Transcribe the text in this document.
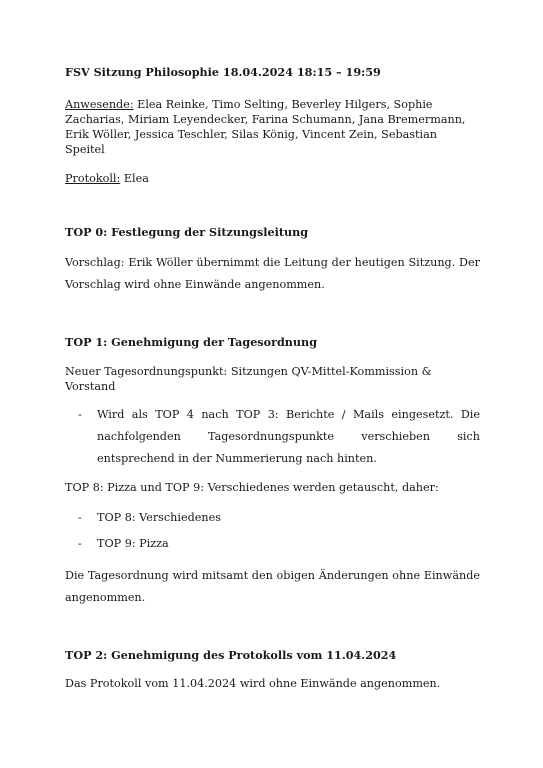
FSV Sitzung Philosophie 18.04.2024 18:15 – 19:59

Anwesende: Elea Reinke, Timo Selting, Beverley Hilgers, Sophie Zacharias, Miriam Leyendecker, Farina Schumann, Jana Bremermann, Erik Wöller, Jessica Teschler, Silas König, Vincent Zein, Sebastian Speitel

Protokoll: Elea

TOP 0: Festlegung der Sitzungsleitung

Vorschlag: Erik Wöller übernimmt die Leitung der heutigen Sitzung. Der Vorschlag wird ohne Einwände angenommen.

TOP 1: Genehmigung der Tagesordnung

Neuer Tagesordnungspunkt: Sitzungen QV-Mittel-Kommission & Vorstand

- Wird als TOP 4 nach TOP 3: Berichte / Mails eingesetzt. Die nachfolgenden Tagesordnungspunkte verschieben sich entsprechend in der Nummerierung nach hinten.

TOP 8: Pizza und TOP 9: Verschiedenes werden getauscht, daher:

- TOP 8: Verschiedenes
- TOP 9: Pizza

Die Tagesordnung wird mitsamt den obigen Änderungen ohne Einwände angenommen.

TOP 2: Genehmigung des Protokolls vom 11.04.2024

Das Protokoll vom 11.04.2024 wird ohne Einwände angenommen.
